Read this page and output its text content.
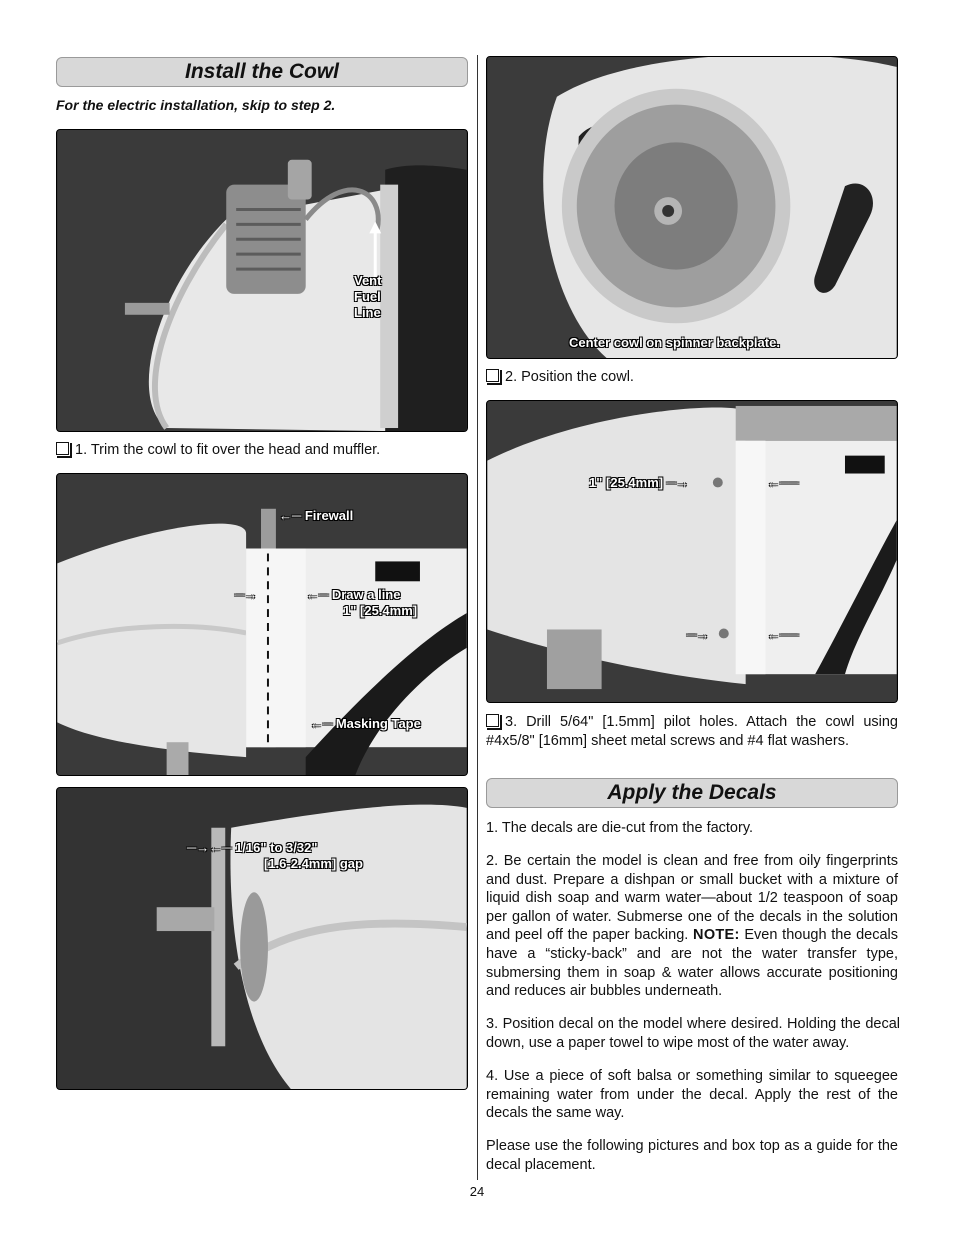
Install the Cowl
For the electric installation, skip to step 2.
Vent
Fuel
Line
1. Trim the cowl to fit over the head and muffler.
←─ Firewall
─→	←─ Draw a line
1" [25.4mm]
←─ Masking Tape
─→←─ 1/16" to 3/32"
[1.6-2.4mm] gap
Center cowl on spinner backplate.
2. Position the cowl.
1" [25.4mm] ─→	←──
─→	←──
3. Drill 5/64" [1.5mm] pilot holes. Attach the cowl using #4x5/8" [16mm] sheet metal screws and #4 flat washers.
Apply the Decals
1. The decals are die-cut from the factory.
2. Be certain the model is clean and free from oily fingerprints and dust. Prepare a dishpan or small bucket with a mixture of liquid dish soap and warm water—about 1/2 teaspoon of soap per gallon of water. Submerse one of the decals in the solution and peel off the paper backing. NOTE: Even though the decals have a “sticky-back” and are not the water transfer type, submersing them in soap & water allows accurate positioning and reduces air bubbles underneath.
3. Position decal on the model where desired. Holding the decal down, use a paper towel to wipe most of the water away.
4. Use a piece of soft balsa or something similar to squeegee remaining water from under the decal. Apply the rest of the decals the same way.
Please use the following pictures and box top as a guide for the decal placement.
24
